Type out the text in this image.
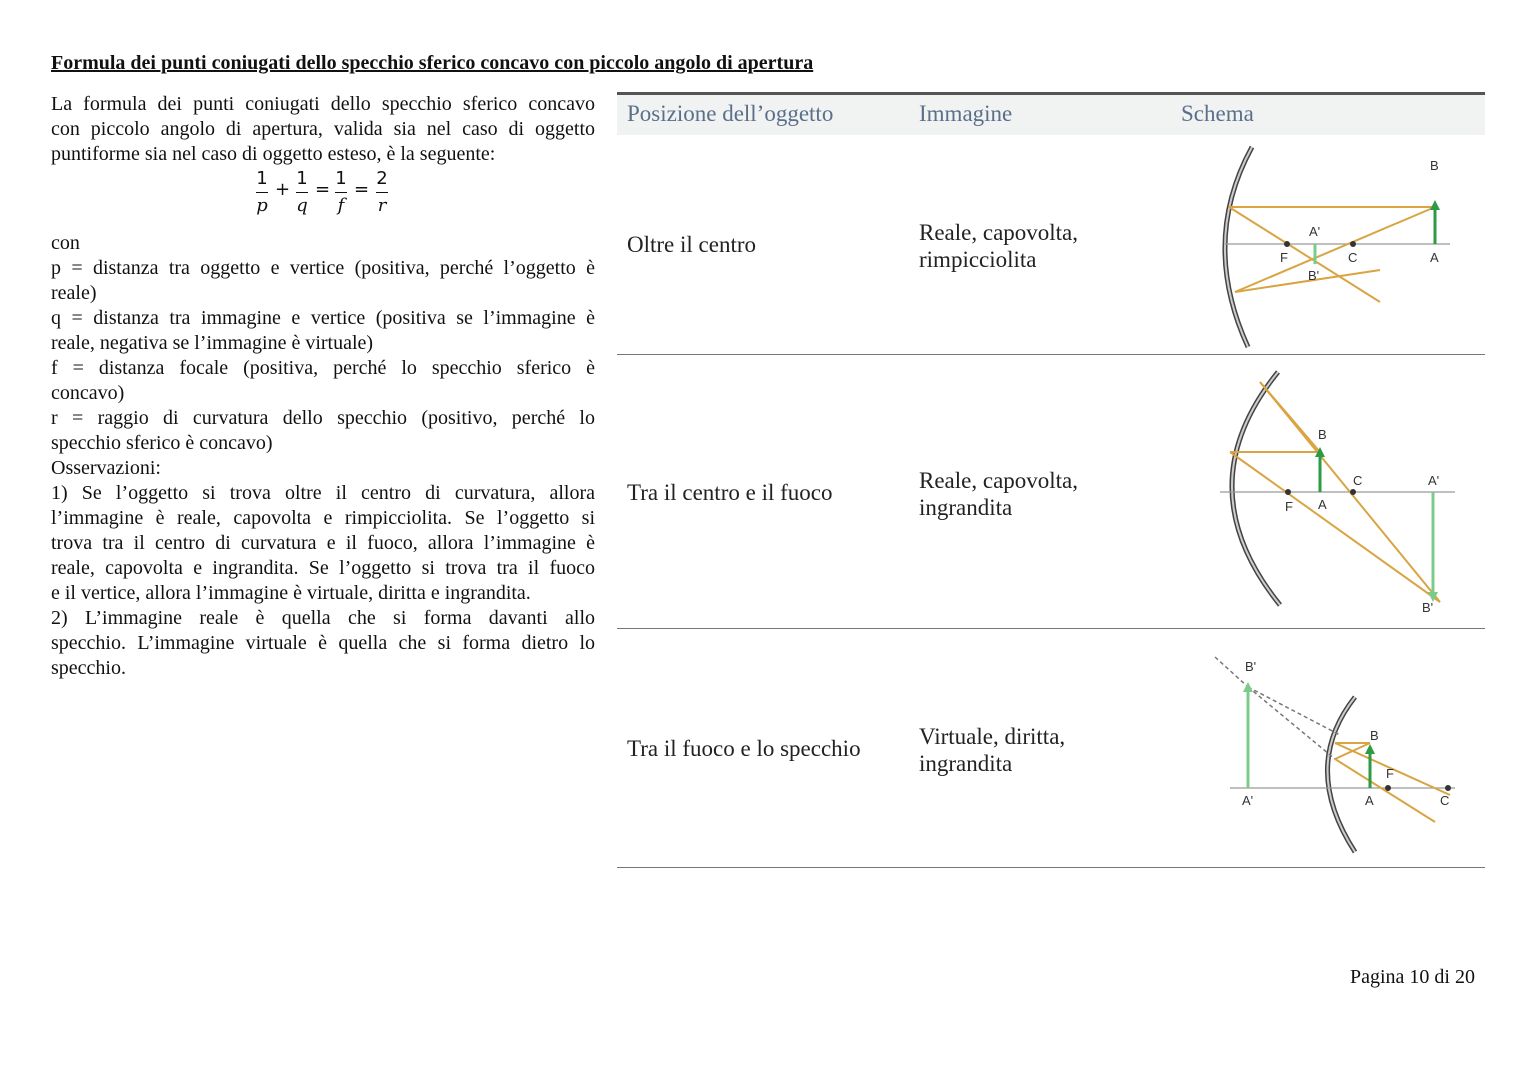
Formula dei punti coniugati dello specchio sferico concavo con piccolo angolo di apertura
La formula dei punti coniugati dello specchio sferico concavo
con piccolo angolo di apertura, valida sia nel caso di oggetto
puntiforme sia nel caso di oggetto esteso, è la seguente:
1
p
+
1
q
=
1
f
=
2
r
con
p = distanza tra oggetto e vertice (positiva, perché l’oggetto è
reale)
q = distanza tra immagine e vertice (positiva se l’immagine è
reale, negativa se l’immagine è virtuale)
f = distanza focale (positiva, perché lo specchio sferico è
concavo)
r = raggio di curvatura dello specchio (positivo, perché lo
specchio sferico è concavo)
Osservazioni:
1) Se l’oggetto si trova oltre il centro di curvatura, allora
l’immagine è reale, capovolta e rimpicciolita. Se l’oggetto si
trova tra il centro di curvatura e il fuoco, allora l’immagine è
reale, capovolta e ingrandita. Se l’oggetto si trova tra il fuoco
e il vertice, allora l’immagine è virtuale, diritta e ingrandita.
2) L’immagine reale è quella che si forma davanti allo
specchio. L’immagine virtuale è quella che si forma dietro lo
specchio.
Posizione dell’oggetto	Immagine	Schema
Oltre il centro	Reale, capovolta,
rimpicciolita
B
A
A'
B'
F	C
Tra il centro e il fuoco	Reale, capovolta,
ingrandita
B
A
A'
B'
F
C
Tra il fuoco e lo specchio	Virtuale, diritta,
ingrandita
B
A
A'
B'
F
C
Pagina 10 di 20
